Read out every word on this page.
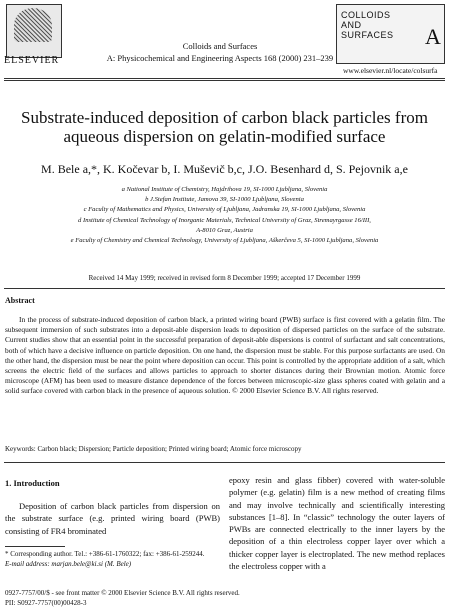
ELSEVIER
Colloids and Surfaces
A: Physicochemical and Engineering Aspects 168 (2000) 231–239
COLLOIDS
AND
SURFACES A
www.elsevier.nl/locate/colsurfa
Substrate-induced deposition of carbon black particles from
aqueous dispersion on gelatin-modified surface
M. Bele a,*, K. Kočevar b, I. Muševič b,c, J.O. Besenhard d, S. Pejovnik a,e
a National Institute of Chemistry, Hajdrihova 19, SI-1000 Ljubljana, Slovenia
b J.Stefan Institute, Jamova 39, SI-1000 Ljubljana, Slovenia
c Faculty of Mathematics and Physics, University of Ljubljana, Jadranska 19, SI-1000 Ljubljana, Slovenia
d Institute of Chemical Technology of Inorganic Materials, Technical University of Graz, Stremayrgasse 16/III,
A-8010 Graz, Austria
e Faculty of Chemistry and Chemical Technology, University of Ljubljana, Aškerčeva 5, SI-1000 Ljubljana, Slovenia
Received 14 May 1999; received in revised form 8 December 1999; accepted 17 December 1999
Abstract
In the process of substrate-induced deposition of carbon black, a printed wiring board (PWB) surface is first covered with a gelatin film. The subsequent immersion of such substrates into a deposit-able dispersion leads to deposition of dispersed particles on the surface of the substrate. Current studies show that an essential point in the successful preparation of deposit-able dispersions is control of surfactant and salt concentrations, both of which have a decisive influence on particle deposition. On one hand, the dispersion must be stable. For this purpose surfactants are used. On the other hand, the dispersion must be near the point where deposition can occur. This point is controlled by the appropriate addition of a salt, which screens the electric field of the surfaces and allows particles to approach to shorter distances during their Brownian motion. Atomic force microscope (AFM) has been used to measure distance dependence of the forces between microscopic-size glass spheres coated with gelatin and a solid surface covered with carbon black in the presence of aqueous solution. © 2000 Elsevier Science B.V. All rights reserved.
Keywords: Carbon black; Dispersion; Particle deposition; Printed wiring board; Atomic force microscopy
1. Introduction
Deposition of carbon black particles from dispersion on the substrate surface (e.g. printed wiring board (PWB) consisting of FR4 brominated
epoxy resin and glass fibber) covered with water-soluble polymer (e.g. gelatin) film is a new method of creating films and may involve technically and scientifically interesting substances [1–8]. In “classic” technology the outer layers of PWBs are connected electrically to the inner layers by the deposition of a thin electroless copper layer over which a thicker copper layer is electroplated. The new method replaces the electroless copper with a
* Corresponding author. Tel.: +386-61-1760322; fax: +386-61-259244.
E-mail address: marjan.bele@ki.si (M. Bele)
0927-7757/00/$ - see front matter © 2000 Elsevier Science B.V. All rights reserved.
PII: S0927-7757(00)00428-3
